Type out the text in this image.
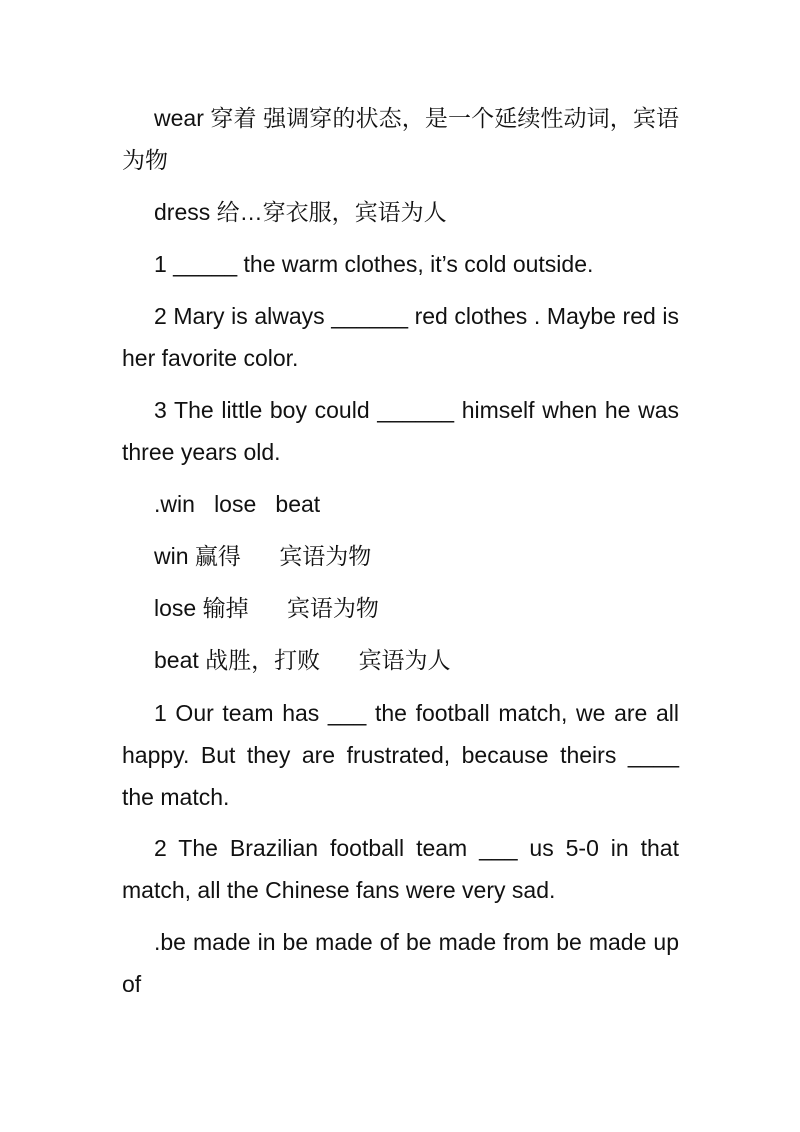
wear 穿着 强调穿的状态，是一个延续性动词，宾语为物

dress 给…穿衣服，宾语为人

1 _____ the warm clothes, it’s cold outside.

2 Mary is always ______ red clothes . Maybe red is her favorite color.

3 The little boy could ______ himself when he was three years old.

.win   lose   beat

win 赢得      宾语为物

lose 输掉      宾语为物

beat 战胜，打败      宾语为人

1 Our team has ___ the football match, we are all happy. But they are frustrated, because theirs ____ the match.

2 The Brazilian football team ___ us 5-0 in that match, all the Chinese fans were very sad.

.be made in be made of be made from be made up of
